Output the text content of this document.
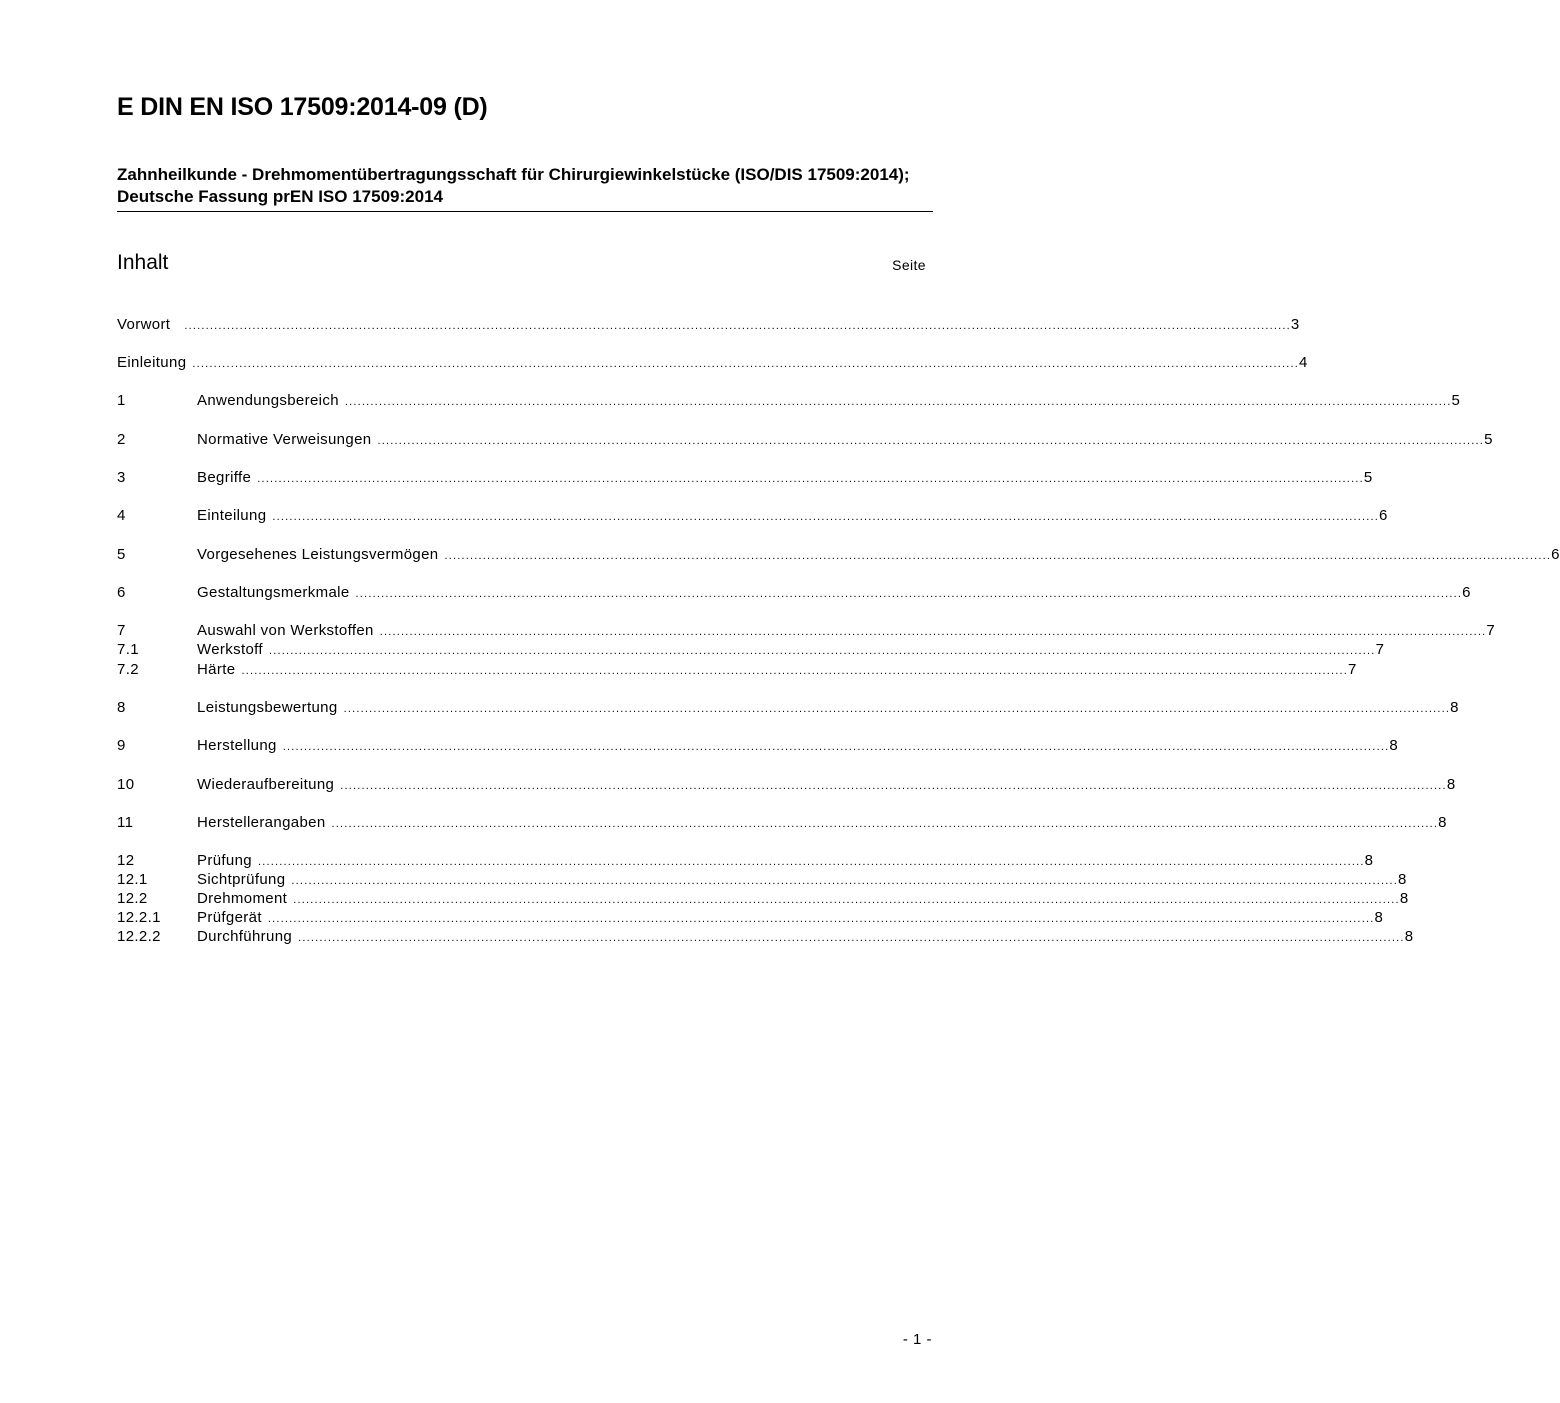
E DIN EN ISO 17509:2014-09 (D)
Zahnheilkunde - Drehmomentübertragungsschaft für Chirurgiewinkelstücke (ISO/DIS 17509:2014); Deutsche Fassung prEN ISO 17509:2014
Inhalt	Seite
Vorwort	.................................................................................................................................................................................................................................................................... 3
Einleitung .................................................................................................................................................................................................................................................................... 4
1	Anwendungsbereich .................................................................................................................................................................................................................................................................... 5
2	Normative Verweisungen .................................................................................................................................................................................................................................................................... 5
3	Begriffe .................................................................................................................................................................................................................................................................... 5
4	Einteilung .................................................................................................................................................................................................................................................................... 6
5	Vorgesehenes Leistungsvermögen .................................................................................................................................................................................................................................................................... 6
6	Gestaltungsmerkmale .................................................................................................................................................................................................................................................................... 6
7	Auswahl von Werkstoffen .................................................................................................................................................................................................................................................................... 7
7.1	Werkstoff .................................................................................................................................................................................................................................................................... 7
7.2	Härte .................................................................................................................................................................................................................................................................... 7
8	Leistungsbewertung .................................................................................................................................................................................................................................................................... 8
9	Herstellung .................................................................................................................................................................................................................................................................... 8
10	Wiederaufbereitung .................................................................................................................................................................................................................................................................... 8
11	Herstellerangaben .................................................................................................................................................................................................................................................................... 8
12	Prüfung .................................................................................................................................................................................................................................................................... 8
12.1	Sichtprüfung .................................................................................................................................................................................................................................................................... 8
12.2	Drehmoment .................................................................................................................................................................................................................................................................... 8
12.2.1	Prüfgerät .................................................................................................................................................................................................................................................................... 8
12.2.2	Durchführung .................................................................................................................................................................................................................................................................... 8
- 1 -
